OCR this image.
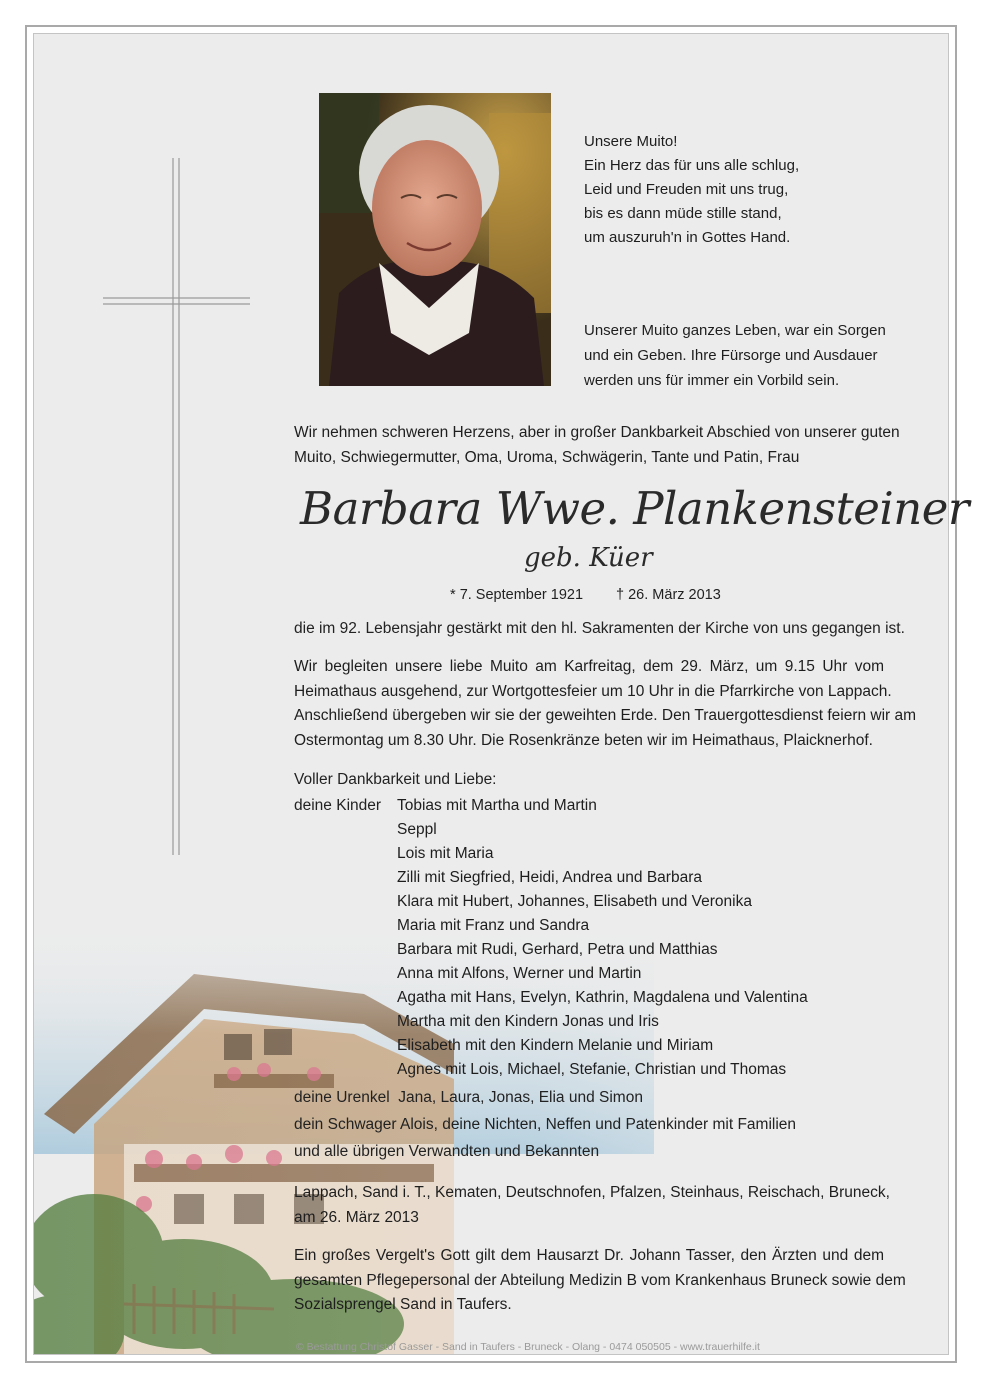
Unsere Muito!
Ein Herz das für uns alle schlug,
Leid und Freuden mit uns trug,
bis es dann müde stille stand,
um auszuruh'n in Gottes Hand.
Unserer Muito ganzes Leben, war ein Sorgen
und ein Geben. Ihre Fürsorge und Ausdauer
werden uns für immer ein Vorbild sein.
Wir nehmen schweren Herzens, aber in großer Dankbarkeit Abschied von unserer guten
Muito, Schwiegermutter, Oma, Uroma, Schwägerin, Tante und Patin, Frau
Barbara Wwe. Plankensteiner
geb. Küer
* 7. September 1921 † 26. März 2013
die im 92. Lebensjahr gestärkt mit den hl. Sakramenten der Kirche von uns gegangen ist.
Wir begleiten unsere liebe Muito am Karfreitag, dem 29. März, um 9.15 Uhr vom
Heimathaus ausgehend, zur Wortgottesfeier um 10 Uhr in die Pfarrkirche von Lappach.
Anschließend übergeben wir sie der geweihten Erde. Den Trauergottesdienst feiern wir am
Ostermontag um 8.30 Uhr. Die Rosenkränze beten wir im Heimathaus, Plaicknerhof.
Voller Dankbarkeit und Liebe:
deine Kinder Tobias mit Martha und Martin
Seppl
Lois mit Maria
Zilli mit Siegfried, Heidi, Andrea und Barbara
Klara mit Hubert, Johannes, Elisabeth und Veronika
Maria mit Franz und Sandra
Barbara mit Rudi, Gerhard, Petra und Matthias
Anna mit Alfons, Werner und Martin
Agatha mit Hans, Evelyn, Kathrin, Magdalena und Valentina
Martha mit den Kindern Jonas und Iris
Elisabeth mit den Kindern Melanie und Miriam
Agnes mit Lois, Michael, Stefanie, Christian und Thomas
deine Urenkel  Jana, Laura, Jonas, Elia und Simon
dein Schwager Alois, deine Nichten, Neffen und Patenkinder mit Familien
und alle übrigen Verwandten und Bekannten
Lappach, Sand i. T., Kematen, Deutschnofen, Pfalzen, Steinhaus, Reischach, Bruneck,
am 26. März 2013
Ein großes Vergelt's Gott gilt dem Hausarzt Dr. Johann Tasser, den Ärzten und dem
gesamten Pflegepersonal der Abteilung Medizin B vom Krankenhaus Bruneck sowie dem
Sozialsprengel Sand in Taufers.
© Bestattung Christof Gasser - Sand in Taufers - Bruneck - Olang - 0474 050505 - www.trauerhilfe.it
